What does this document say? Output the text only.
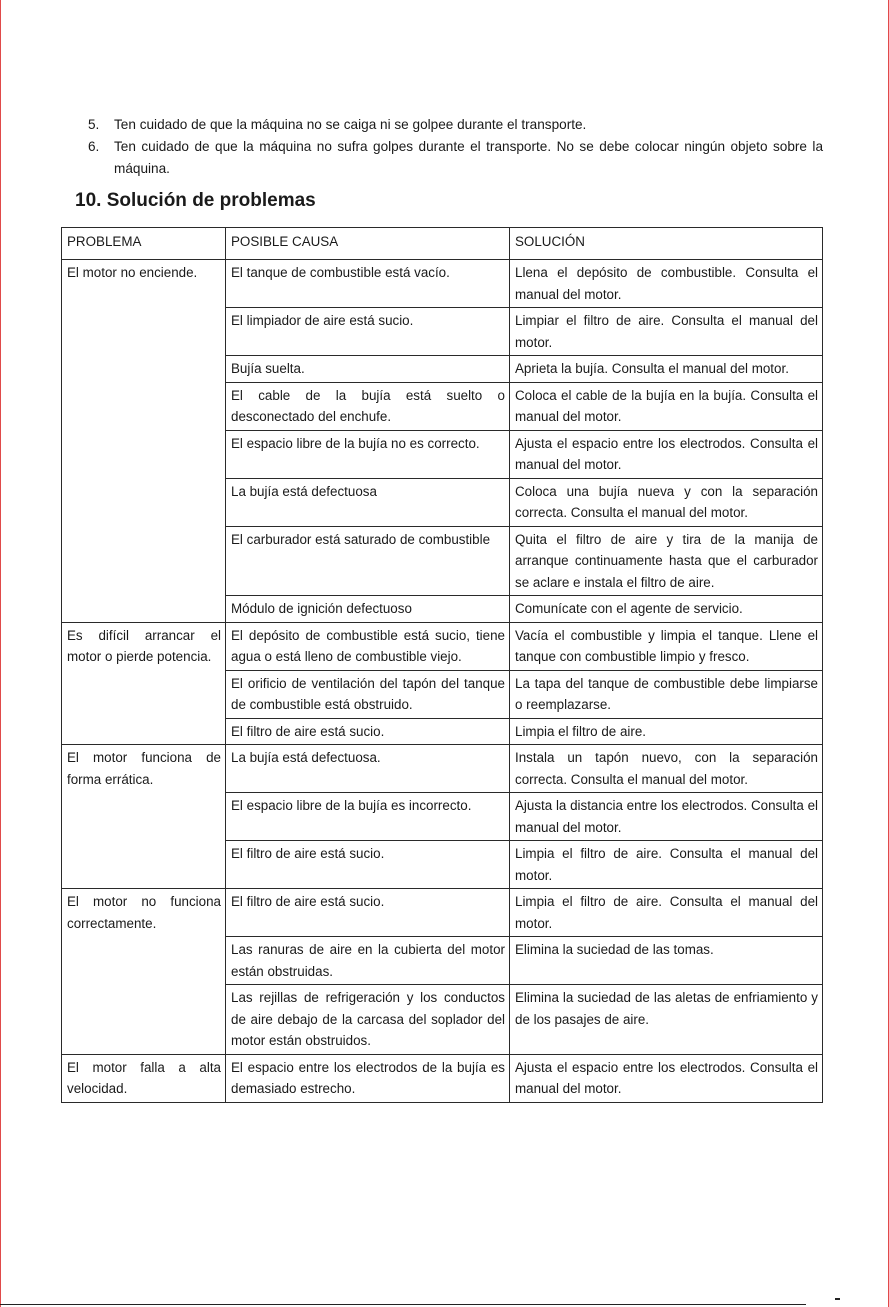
5. Ten cuidado de que la máquina no se caiga ni se golpee durante el transporte.
6. Ten cuidado de que la máquina no sufra golpes durante el transporte. No se debe colocar ningún objeto sobre la máquina.
10. Solución de problemas
PROBLEMA	POSIBLE CAUSA	SOLUCIÓN
El motor no enciende.	El tanque de combustible está vacío.	Llena el depósito de combustible. Consulta el manual del motor.
	El limpiador de aire está sucio.	Limpiar el filtro de aire. Consulta el manual del motor.
	Bujía suelta.	Aprieta la bujía. Consulta el manual del motor.
	El cable de la bujía está suelto o desconectado del enchufe.	Coloca el cable de la bujía en la bujía. Consulta el manual del motor.
	El espacio libre de la bujía no es correcto.	Ajusta el espacio entre los electrodos. Consulta el manual del motor.
	La bujía está defectuosa	Coloca una bujía nueva y con la separación correcta. Consulta el manual del motor.
	El carburador está saturado de combustible	Quita el filtro de aire y tira de la manija de arranque continuamente hasta que el carburador se aclare e instala el filtro de aire.
	Módulo de ignición defectuoso	Comunícate con el agente de servicio.
Es difícil arrancar el motor o pierde potencia.	El depósito de combustible está sucio, tiene agua o está lleno de combustible viejo.	Vacía el combustible y limpia el tanque. Llene el tanque con combustible limpio y fresco.
	El orificio de ventilación del tapón del tanque de combustible está obstruido.	La tapa del tanque de combustible debe limpiarse o reemplazarse.
	El filtro de aire está sucio.	Limpia el filtro de aire.
El motor funciona de forma errática.	La bujía está defectuosa.	Instala un tapón nuevo, con la separación correcta. Consulta el manual del motor.
	El espacio libre de la bujía es incorrecto.	Ajusta la distancia entre los electrodos. Consulta el manual del motor.
	El filtro de aire está sucio.	Limpia el filtro de aire. Consulta el manual del motor.
El motor no funciona correctamente.	El filtro de aire está sucio.	Limpia el filtro de aire. Consulta el manual del motor.
	Las ranuras de aire en la cubierta del motor están obstruidas.	Elimina la suciedad de las tomas.
	Las rejillas de refrigeración y los conductos de aire debajo de la carcasa del soplador del motor están obstruidos.	Elimina la suciedad de las aletas de enfriamiento y de los pasajes de aire.
El motor falla a alta velocidad.	El espacio entre los electrodos de la bujía es demasiado estrecho.	Ajusta el espacio entre los electrodos. Consulta el manual del motor.
